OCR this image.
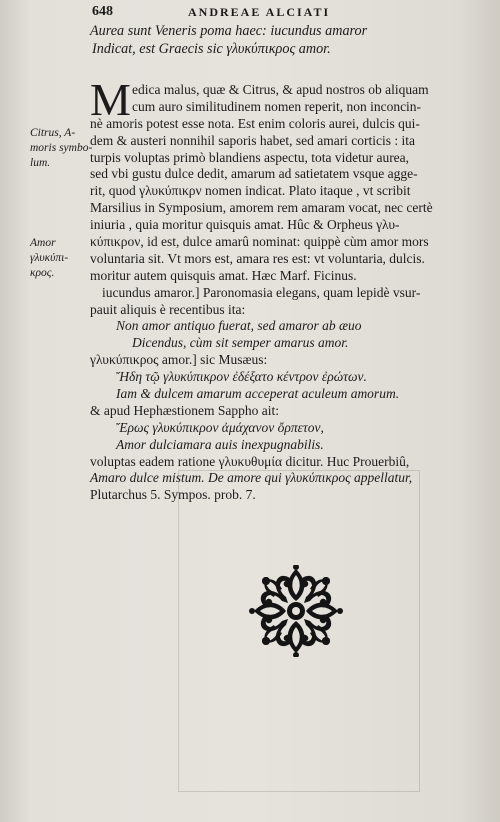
648	ANDREAE ALCIATI
Aurea sunt Veneris poma haec: iucundus amaror
Indicat, est Graecis sic γλυκύπικρος amor.
Citrus, A-
moris symbo-
lum.
Amor
γλυκύπι-
κρος.
M edica malus, quæ & Citrus, & apud nostros ob aliquam
cum auro similitudinem nomen reperit, non inconcin-
nè amoris potest esse nota. Est enim coloris aurei, dulcis qui-
dem & austeri nonnihil saporis habet, sed amari corticis : ita
turpis voluptas primò blandiens aspectu, tota videtur aurea,
sed vbi gustu dulce dedit, amarum ad satietatem vsque agge-
rit, quod γλυκύπικρν nomen indicat. Plato itaque , vt scribit
Marsilius in Symposium, amorem rem amaram vocat, nec certè
iniuria , quia moritur quisquis amat. Hûc & Orpheus γλυ-
κύπικρον, id est, dulce amarû nominat: quippè cùm amor mors
voluntaria sit. Vt mors est, amara res est: vt voluntaria, dulcis.
moritur autem quisquis amat. Hæc Marf. Ficinus.
iucundus amaror.] Paronomasia elegans, quam lepidè vsur-
pauit aliquis è recentibus ita:
Non amor antiquo fuerat, sed amaror ab æuo
Dicendus, cùm sit semper amarus amor.
γλυκύπικρος amor.] sic Musæus:
Ἤδη τῷ γλυκύπικρον ἐδέξατο κέντρον ἐρώτων.
Iam & dulcem amarum acceperat aculeum amorum.
& apud Hephæstionem Sappho ait:
Ἔρως γλυκύπικρον ἀμάχανον ὄρπετον,
Amor dulciamara auis inexpugnabilis.
voluptas eadem ratione γλυκυθυμία dicitur. Huc Prouerbiû,
Amaro dulce mistum. De amore qui γλυκύπικρος appellatur,
Plutarchus 5. Sympos. prob. 7.
